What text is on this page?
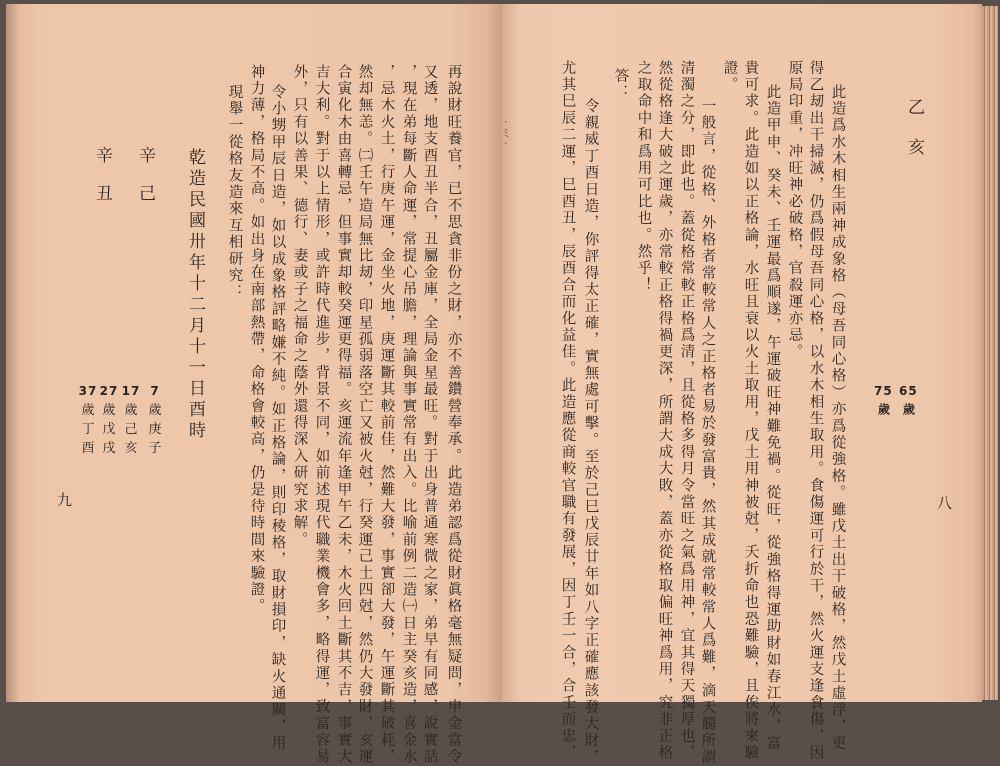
乙
亥
65 歲
75 歲
此造爲水木相生兩神成象格（母吾同心格）亦爲從強格。雖戊土出干破格，然戊土虛浮，更
得乙刼出干掃滅，仍爲假母吾同心格，以水木相生取用。食傷運可行於干，然火運支逢食傷，因
原局印重，冲旺神必破格，官殺運亦忌。
此造甲申、癸未、壬運最爲順遂，午運破旺神難免禍。從旺，從強格得運助財如春江水，富
貴可求。此造如以正格論，水旺且衰以火土取用，戊土用神被尅，夭折命也恐難驗，且俟將來驗
證。
一般言，從格、外格者常較常人之正格者易於發富貴，然其成就常較常人爲難，滴天髓所謂
清濁之分，即此也。蓋從格常較正格爲清，且從格多得月令當旺之氣爲用神，宜其得天獨厚也，
然從格逢大破之運歲，亦常較正格得禍更深，所謂大成大敗，蓋亦從格取偏旺神爲用，究非正格
之取命中和爲用可比也。然乎！
答：
令親威丁酉日造，你評得太正確，實無處可擊。至於己巳戊辰廿年如八字正確應該發大財，
尤其巳辰二運，巳酉丑，辰酉合而化益佳。此造應從商較官職有發展，因丁壬一合，合壬而忠，	八
· ミ ·
再說財旺養官，已不思貪非份之財，亦不善鑽營奉承。此造弟認爲從財眞格毫無疑問，申金當令
又透，地支酉丑半合，丑屬金庫，全局金星最旺。對于出身普通寒微之家，弟早有同感，說實話
，現在弟每斷人命運，常提心吊膽，理論與事實常有出入。比喻前例二造㈠日主癸亥造，喜金水
，忌木火土，行庚午運，金坐火地，庚運斷其較前佳，然難大發，事實卻大發，午運斷其破耗，
然却無恙。㈡壬午造局無比刼，印星孤弱落空亡又被火尅，行癸運己土四尅，然仍大發財，亥運
合寅化木由喜轉忌，但事實却較癸運更得福。亥運流年逢甲午乙未，木火回土斷其不吉，事實大
吉大利。對于以上情形，或許時代進步，背景不同，如前述現代職業機會多，略得運，致富容易
外，只有以善果、德行、妻或子之福命之蔭外還得深入研究求解。
令小甥甲辰日造，如以成象格評略嫌不純。如正格論，則印稜格，取財損印，缺火通關，用
神力薄，格局不高。如出身在南部熱帶，命格會較高，仍是待時間來驗證。
現舉一從格友造來互相研究：
乾造民國卅年十二月十一日酉時
辛
己
辛
丑
7
歲
庚
子
17
歲
己
亥
27
歲
戊
戌
37
歲
丁
酉
九
